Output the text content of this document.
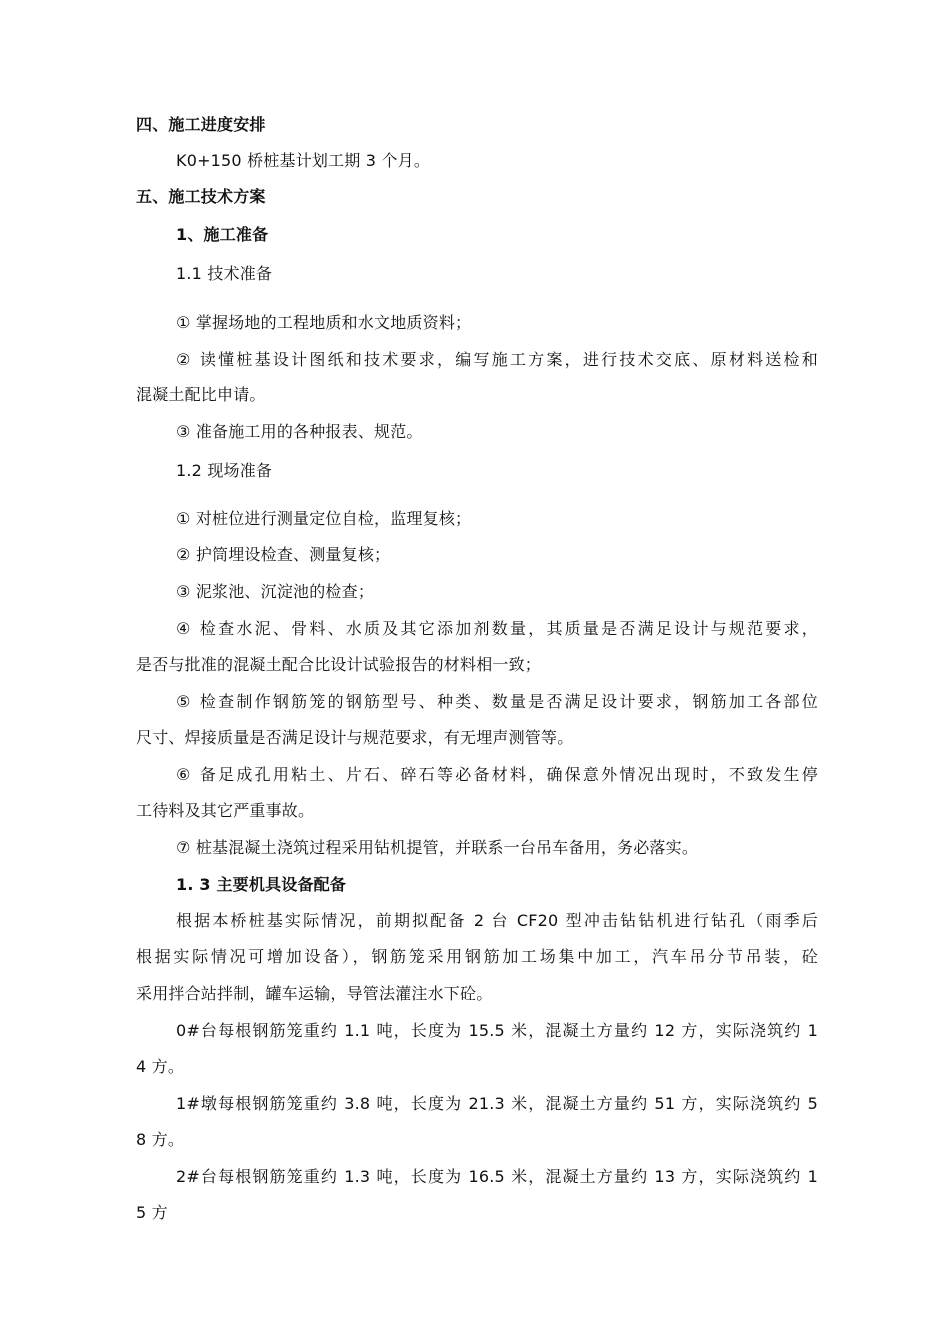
四、施工进度安排
K0+150 桥桩基计划工期 3 个月。
五、施工技术方案
1、施工准备
1.1 技术准备
① 掌握场地的工程地质和水文地质资料；
② 读懂桩基设计图纸和技术要求，编写施工方案，进行技术交底、原材料送检和
混凝土配比申请。
③ 准备施工用的各种报表、规范。
1.2 现场准备
① 对桩位进行测量定位自检，监理复核；
② 护筒埋设检查、测量复核；
③ 泥浆池、沉淀池的检查；
④ 检查水泥、骨料、水质及其它添加剂数量，其质量是否满足设计与规范要求，
是否与批准的混凝土配合比设计试验报告的材料相一致；
⑤ 检查制作钢筋笼的钢筋型号、种类、数量是否满足设计要求，钢筋加工各部位
尺寸、焊接质量是否满足设计与规范要求，有无埋声测管等。
⑥ 备足成孔用粘土、片石、碎石等必备材料，确保意外情况出现时，不致发生停
工待料及其它严重事故。
⑦ 桩基混凝土浇筑过程采用钻机提管，并联系一台吊车备用，务必落实。
1. 3 主要机具设备配备
根据本桥桩基实际情况，前期拟配备 2 台 CF20 型冲击钻钻机进行钻孔（雨季后
根据实际情况可增加设备），钢筋笼采用钢筋加工场集中加工，汽车吊分节吊装，砼
采用拌合站拌制，罐车运输，导管法灌注水下砼。
0#台每根钢筋笼重约 1.1 吨，长度为 15.5 米，混凝土方量约 12 方，实际浇筑约 1
4 方。
1#墩每根钢筋笼重约 3.8 吨，长度为 21.3 米，混凝土方量约 51 方，实际浇筑约 5
8 方。
2#台每根钢筋笼重约 1.3 吨，长度为 16.5 米，混凝土方量约 13 方，实际浇筑约 1
5 方
